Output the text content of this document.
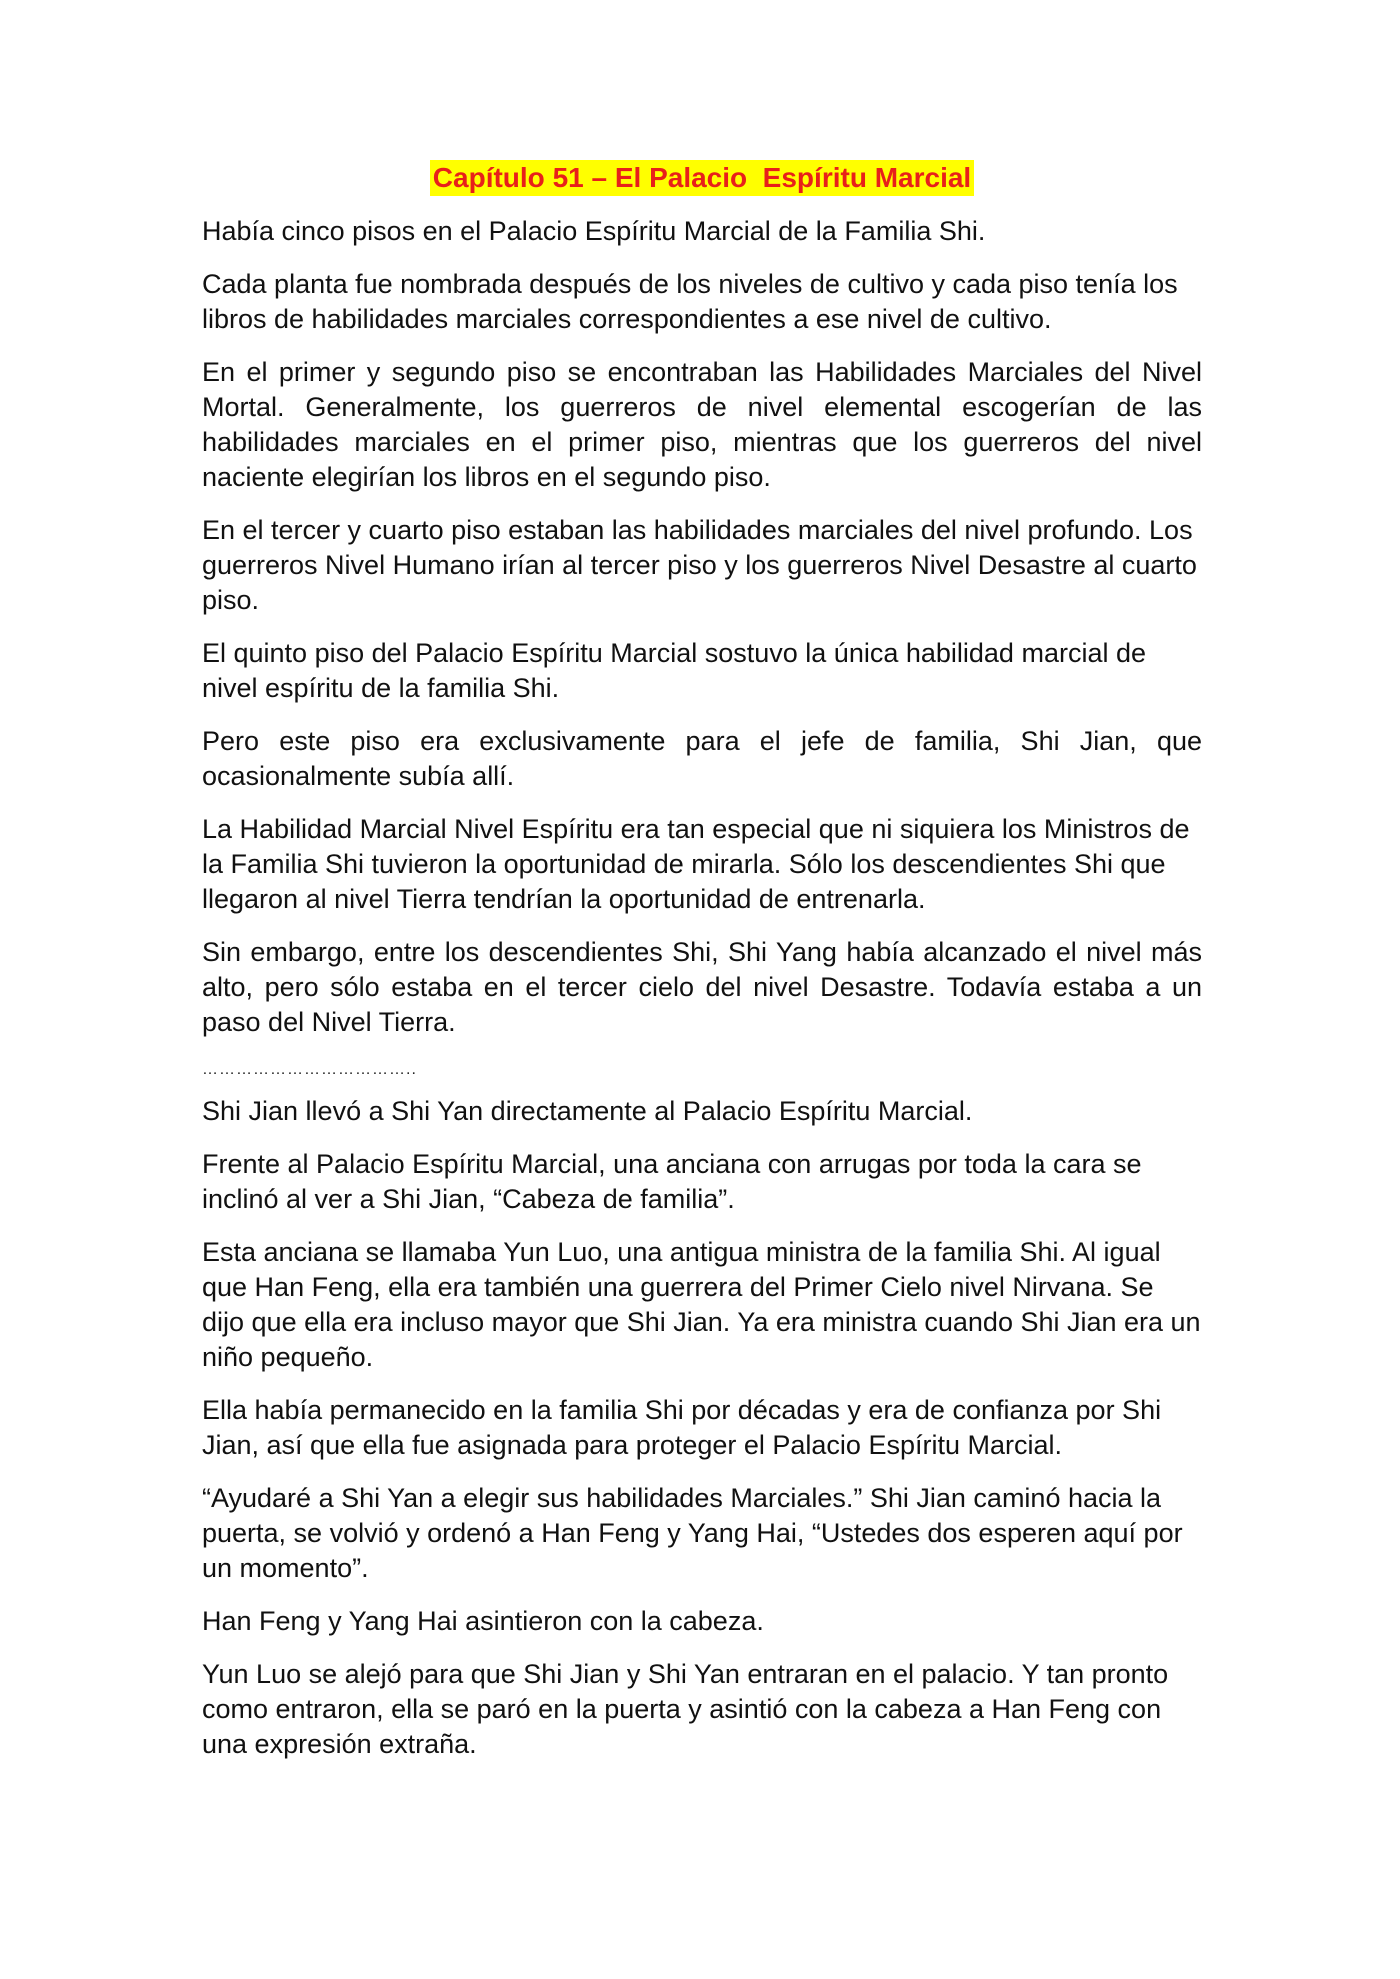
Capítulo 51 – El Palacio  Espíritu Marcial

Había cinco pisos en el Palacio Espíritu Marcial de la Familia Shi.

Cada planta fue nombrada después de los niveles de cultivo y cada piso tenía los libros de habilidades marciales correspondientes a ese nivel de cultivo.

En el primer y segundo piso se encontraban las Habilidades Marciales del Nivel Mortal. Generalmente, los guerreros de nivel elemental escogerían de las habilidades marciales en el primer piso, mientras que los guerreros del nivel naciente elegirían los libros en el segundo piso.

En el tercer y cuarto piso estaban las habilidades marciales del nivel profundo. Los guerreros Nivel Humano irían al tercer piso y los guerreros Nivel Desastre al cuarto piso.

El quinto piso del Palacio Espíritu Marcial sostuvo la única habilidad marcial de nivel espíritu de la familia Shi.

Pero este piso era exclusivamente para el jefe de familia, Shi Jian, que ocasionalmente subía allí.

La Habilidad Marcial Nivel Espíritu era tan especial que ni siquiera los Ministros de la Familia Shi tuvieron la oportunidad de mirarla. Sólo los descendientes Shi que llegaron al nivel Tierra tendrían la oportunidad de entrenarla.

Sin embargo, entre los descendientes Shi, Shi Yang había alcanzado el nivel más alto, pero sólo estaba en el tercer cielo del nivel Desastre. Todavía estaba a un paso del Nivel Tierra.

………………………………..

Shi Jian llevó a Shi Yan directamente al Palacio Espíritu Marcial.

Frente al Palacio Espíritu Marcial, una anciana con arrugas por toda la cara se inclinó al ver a Shi Jian, “Cabeza de familia”.

Esta anciana se llamaba Yun Luo, una antigua ministra de la familia Shi. Al igual que Han Feng, ella era también una guerrera del Primer Cielo nivel Nirvana. Se dijo que ella era incluso mayor que Shi Jian. Ya era ministra cuando Shi Jian era un niño pequeño.

Ella había permanecido en la familia Shi por décadas y era de confianza por Shi Jian, así que ella fue asignada para proteger el Palacio Espíritu Marcial.

“Ayudaré a Shi Yan a elegir sus habilidades Marciales.” Shi Jian caminó hacia la puerta, se volvió y ordenó a Han Feng y Yang Hai, “Ustedes dos esperen aquí por un momento”.

Han Feng y Yang Hai asintieron con la cabeza.

Yun Luo se alejó para que Shi Jian y Shi Yan entraran en el palacio. Y tan pronto como entraron, ella se paró en la puerta y asintió con la cabeza a Han Feng con una expresión extraña.
